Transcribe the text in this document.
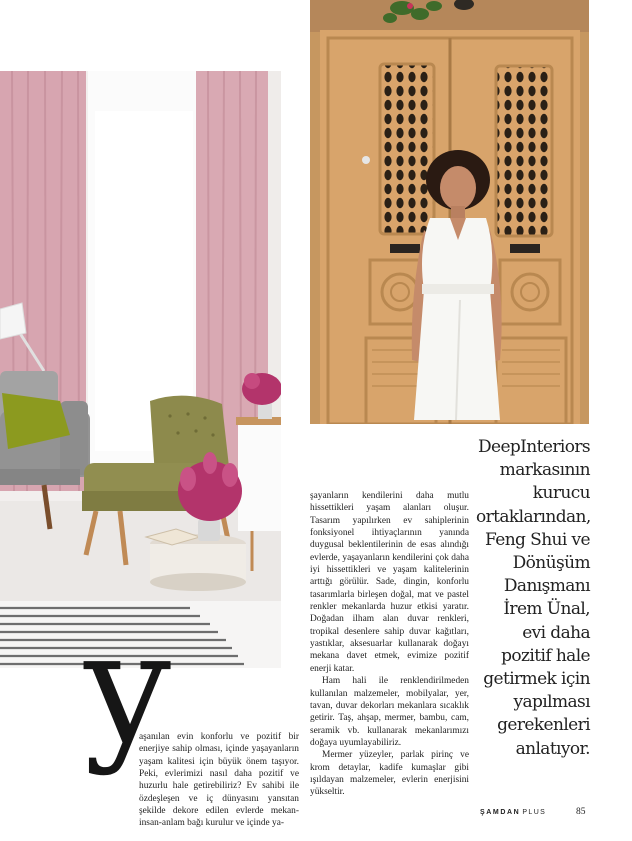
y

aşanılan evin konforlu ve pozitif bir enerjiye sahip olması, içinde yaşayanların yaşam kalitesi için büyük önem taşıyor. Peki, evlerimizi nasıl daha pozitif ve huzurlu hale getirebiliriz? Ev sahibi ile özdeşleşen ve iç dünyasını yansıtan şekilde dekore edilen evlerde mekan-insan-anlam bağı kurulur ve içinde ya-

şayanların kendilerini daha mutlu hissettikleri yaşam alanları oluşur. Tasarım yapılırken ev sahiplerinin fonksiyonel ihtiyaçlarının yanında duygusal beklentilerinin de esas alındığı evlerde, yaşayanların kendilerini çok daha iyi hissettikleri ve yaşam kalitelerinin arttığı görülür. Sade, dingin, konforlu tasarımlarla birleşen doğal, mat ve pastel renkler mekanlarda huzur etkisi yaratır. Doğadan ilham alan duvar renkleri, tropikal desenlere sahip duvar kağıtları, yastıklar, aksesuarlar kullanarak doğayı mekana davet etmek, evimize pozitif enerji katar.

Ham hali ile renklendirilmeden kullanılan malzemeler, mobilyalar, yer, tavan, duvar dekorları mekanlara sıcaklık getirir. Taş, ahşap, mermer, bambu, cam, seramik vb. kullanarak mekanlarımızı doğaya uyumlayabiliriz.

Mermer yüzeyler, parlak pirinç ve krom detaylar, kadife kumaşlar gibi ışıldayan malzemeler, evlerin enerjisini yükseltir.

DeepInteriors markasının kurucu ortaklarından, Feng Shui ve Dönüşüm Danışmanı İrem Ünal, evi daha pozitif hale getirmek için yapılması gerekenleri anlatıyor.
ŞAMDAN PLUS	85
